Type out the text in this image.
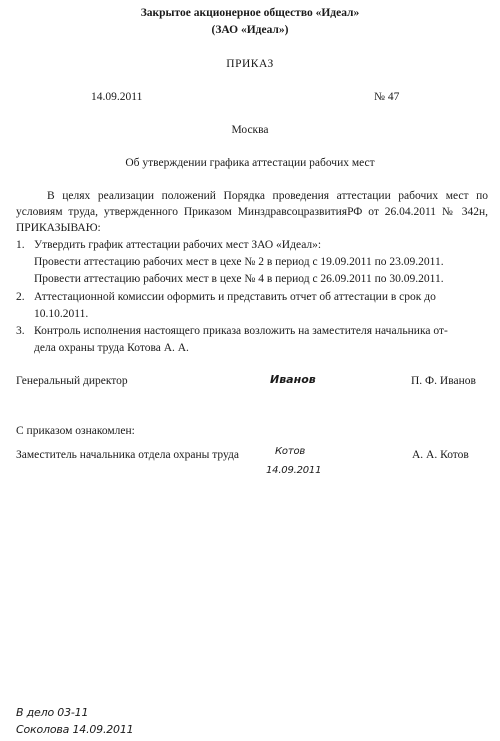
Закрытое акционерное общество «Идеал»
(ЗАО «Идеал»)
ПРИКАЗ
14.09.2011	№ 47
Москва
Об утверждении графика аттестации рабочих мест
В целях реализации положений Порядка проведения аттестации рабочих мест по
условиям труда, утвержденного Приказом МинздравсоцразвитияРФ от 26.04.2011 № 342н,
ПРИКАЗЫВАЮ:
1. Утвердить график аттестации рабочих мест ЗАО «Идеал»:
Провести аттестацию рабочих мест в цехе № 2 в период с 19.09.2011 по 23.09.2011.
Провести аттестацию рабочих мест в цехе № 4 в период с 26.09.2011 по 30.09.2011.
2. Аттестационной комиссии оформить и представить отчет об аттестации в срок до
10.10.2011.
3. Контроль исполнения настоящего приказа возложить на заместителя начальника от-
дела охраны труда Котова А. А.
Генеральный директор	Иванов	П. Ф. Иванов
С приказом ознакомлен:
Заместитель начальника отдела охраны труда	Котов
14.09.2011
А. А. Котов
В дело 03-11
Соколова 14.09.2011
